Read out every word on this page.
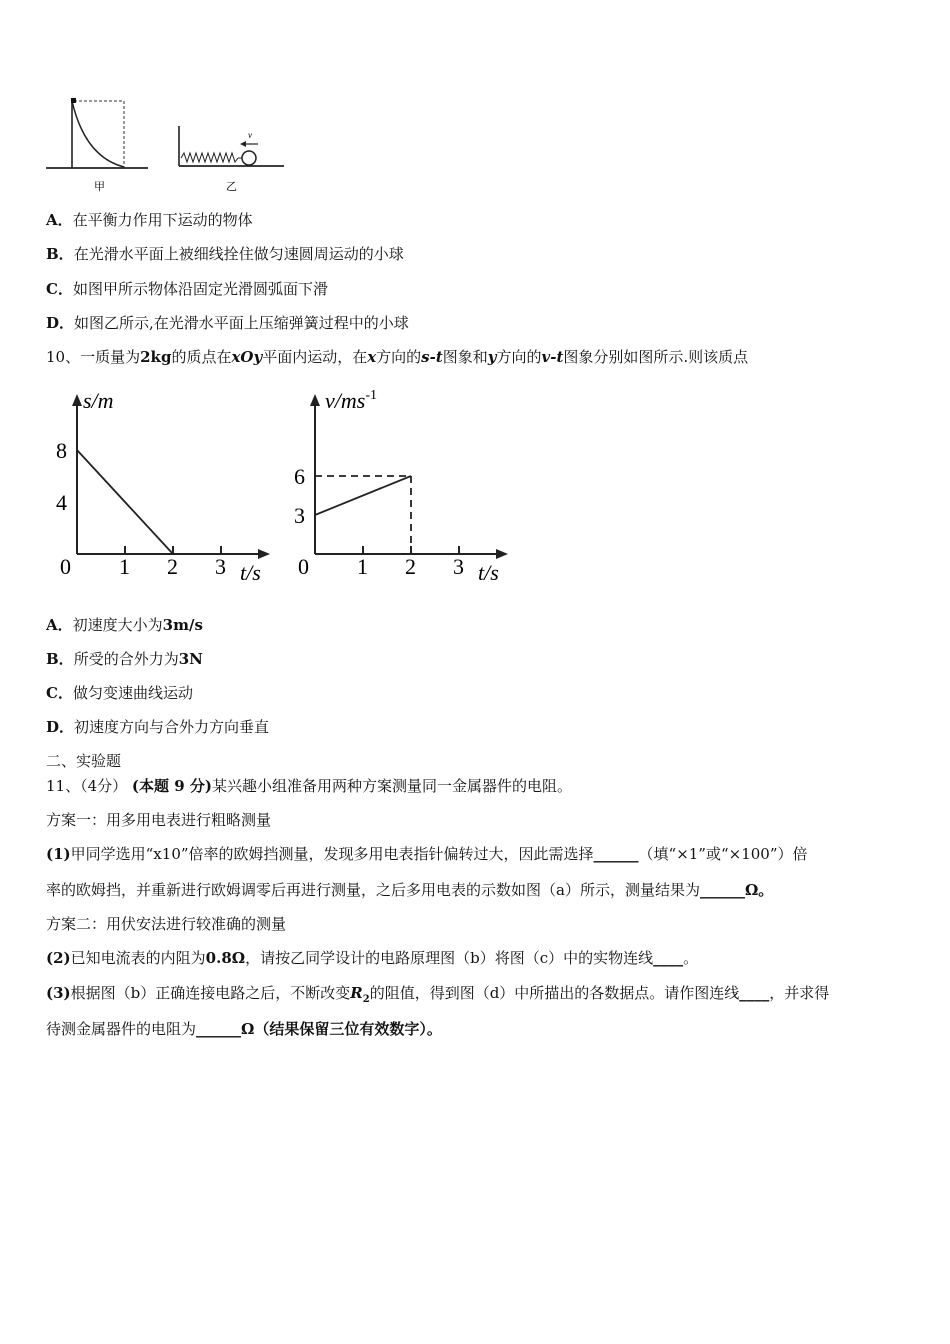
甲
v
乙
A．在平衡力作用下运动的物体
B．在光滑水平面上被细线拴住做匀速圆周运动的小球
C．如图甲所示物体沿固定光滑圆弧面下滑
D．如图乙所示,在光滑水平面上压缩弹簧过程中的小球
10、一质量为2kg的质点在xOy平面内运动，在x方向的s-t图象和y方向的v-t图象分别如图所示.则该质点
s/m
t/s
0 1 2 3
4
8
$v/ms^{-1}$
t/s
0 1 2 3
3
6
A．初速度大小为3m/s
B．所受的合外力为3N
C．做匀变速曲线运动
D．初速度方向与合外力方向垂直
二、实验题
11、（4分） (本题 9 分)某兴趣小组准备用两种方案测量同一金属器件的电阻。
方案一：用多用电表进行粗略测量
(1)甲同学选用“x10”倍率的欧姆挡测量，发现多用电表指针偏转过大，因此需选择______（填“×1”或“×100”）倍
率的欧姆挡，并重新进行欧姆调零后再进行测量，之后多用电表的示数如图（a）所示，测量结果为______Ω。
方案二：用伏安法进行较准确的测量
(2)已知电流表的内阻为0.8Ω，请按乙同学设计的电路原理图（b）将图（c）中的实物连线____。
(3)根据图（b）正确连接电路之后，不断改变$R_2$的阻值，得到图（d）中所描出的各数据点。请作图连线____，并求得
待测金属器件的电阻为______Ω（结果保留三位有效数字）。
